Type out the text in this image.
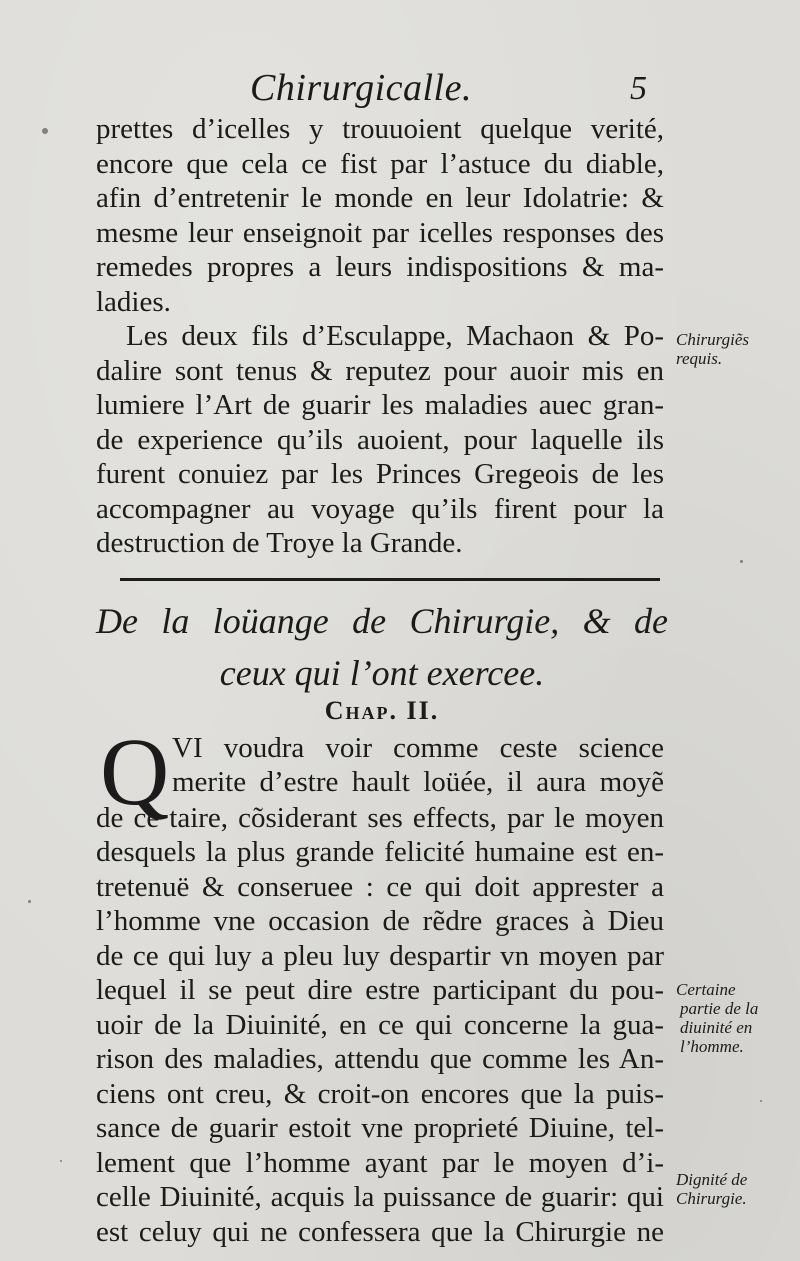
Chirurgicalle.	5
prettes d’icelles y trouuoient quelque verité,
encore que cela ce fist par l’astuce du diable,
afin d’entretenir le monde en leur Idolatrie: &
mesme leur enseignoit par icelles responses des
remedes propres a leurs indispositions & ma-
ladies.
Les deux fils d’Esculappe, Machaon & Po-
dalire sont tenus & reputez pour auoir mis en
lumiere l’Art de guarir les maladies auec gran-
de experience qu’ils auoient, pour laquelle ils
furent conuiez par les Princes Gregeois de les
accompagner au voyage qu’ils firent pour la
destruction de Troye la Grande.
De la loüange de Chirurgie, & de
ceux qui l’ont exercee.
Chap. II.
Q VI voudra voir comme ceste science
merite d’estre hault loüée, il aura moyẽ
de ce taire, cõsiderant ses effects, par le moyen
desquels la plus grande felicité humaine est en-
tretenuë & conseruee : ce qui doit apprester a
l’homme vne occasion de rẽdre graces à Dieu
de ce qui luy a pleu luy despartir vn moyen par
lequel il se peut dire estre participant du pou-
uoir de la Diuinité, en ce qui concerne la gua-
rison des maladies, attendu que comme les An-
ciens ont creu, & croit-on encores que la puis-
sance de guarir estoit vne proprieté Diuine, tel-
lement que l’homme ayant par le moyen d’i-
celle Diuinité, acquis la puissance de guarir: qui
est celuy qui ne confessera que la Chirurgie ne
Chirurgiẽs
requis.
Certaine
partie de la
diuinité en
l’homme.
Dignité de
Chirurgie.
